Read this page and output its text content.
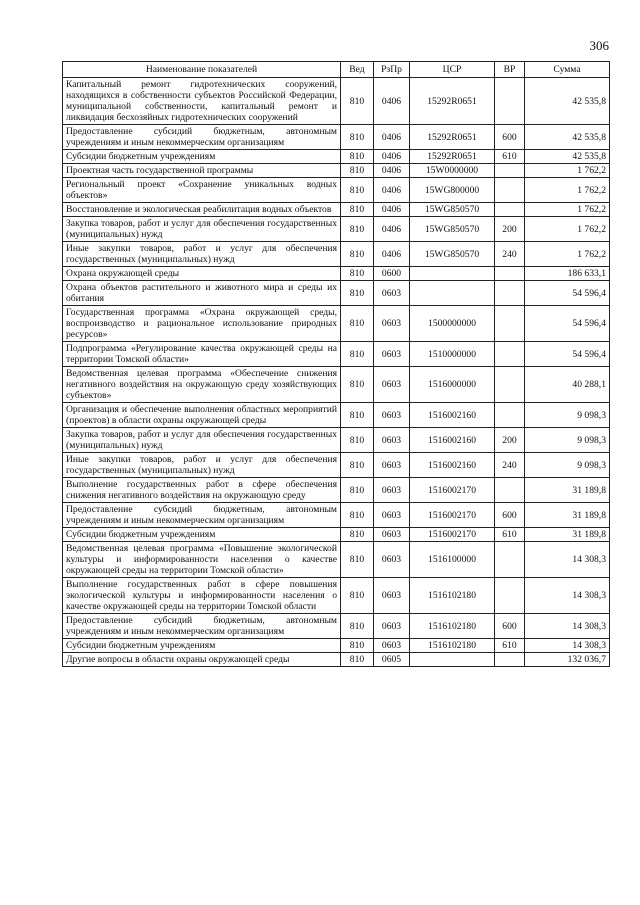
306
Наименование показателей	Вед	РзПр	ЦСР	ВР	Сумма
Капитальный ремонт гидротехнических сооружений, находящихся в собственности субъектов Российской Федерации, муниципальной собственности, капитальный ремонт и ликвидация бесхозяйных гидротехнических сооружений	810	0406	15292R0651		42 535,8
Предоставление субсидий бюджетным, автономным учреждениям и иным некоммерческим организациям	810	0406	15292R0651	600	42 535,8
Субсидии бюджетным учреждениям	810	0406	15292R0651	610	42 535,8
Проектная часть государственной программы	810	0406	15W0000000		1 762,2
Региональный проект «Сохранение уникальных водных объектов»	810	0406	15WG800000		1 762,2
Восстановление и экологическая реабилитация водных объектов	810	0406	15WG850570		1 762,2
Закупка товаров, работ и услуг для обеспечения государственных (муниципальных) нужд	810	0406	15WG850570	200	1 762,2
Иные закупки товаров, работ и услуг для обеспечения государственных (муниципальных) нужд	810	0406	15WG850570	240	1 762,2
Охрана окружающей среды	810	0600			186 633,1
Охрана объектов растительного и животного мира и среды их обитания	810	0603			54 596,4
Государственная программа «Охрана окружающей среды, воспроизводство и рациональное использование природных ресурсов»	810	0603	1500000000		54 596,4
Подпрограмма «Регулирование качества окружающей среды на территории Томской области»	810	0603	1510000000		54 596,4
Ведомственная целевая программа «Обеспечение снижения негативного воздействия на окружающую среду хозяйствующих субъектов»	810	0603	1516000000		40 288,1
Организация и обеспечение выполнения областных мероприятий (проектов) в области охраны окружающей среды	810	0603	1516002160		9 098,3
Закупка товаров, работ и услуг для обеспечения государственных (муниципальных) нужд	810	0603	1516002160	200	9 098,3
Иные закупки товаров, работ и услуг для обеспечения государственных (муниципальных) нужд	810	0603	1516002160	240	9 098,3
Выполнение государственных работ в сфере обеспечения снижения негативного воздействия на окружающую среду	810	0603	1516002170		31 189,8
Предоставление субсидий бюджетным, автономным учреждениям и иным некоммерческим организациям	810	0603	1516002170	600	31 189,8
Субсидии бюджетным учреждениям	810	0603	1516002170	610	31 189,8
Ведомственная целевая программа «Повышение экологической культуры и информированности населения о качестве окружающей среды на территории Томской области»	810	0603	1516100000		14 308,3
Выполнение государственных работ в сфере повышения экологической культуры и информированности населения о качестве окружающей среды на территории Томской области	810	0603	1516102180		14 308,3
Предоставление субсидий бюджетным, автономным учреждениям и иным некоммерческим организациям	810	0603	1516102180	600	14 308,3
Субсидии бюджетным учреждениям	810	0603	1516102180	610	14 308,3
Другие вопросы в области охраны окружающей среды	810	0605			132 036,7
